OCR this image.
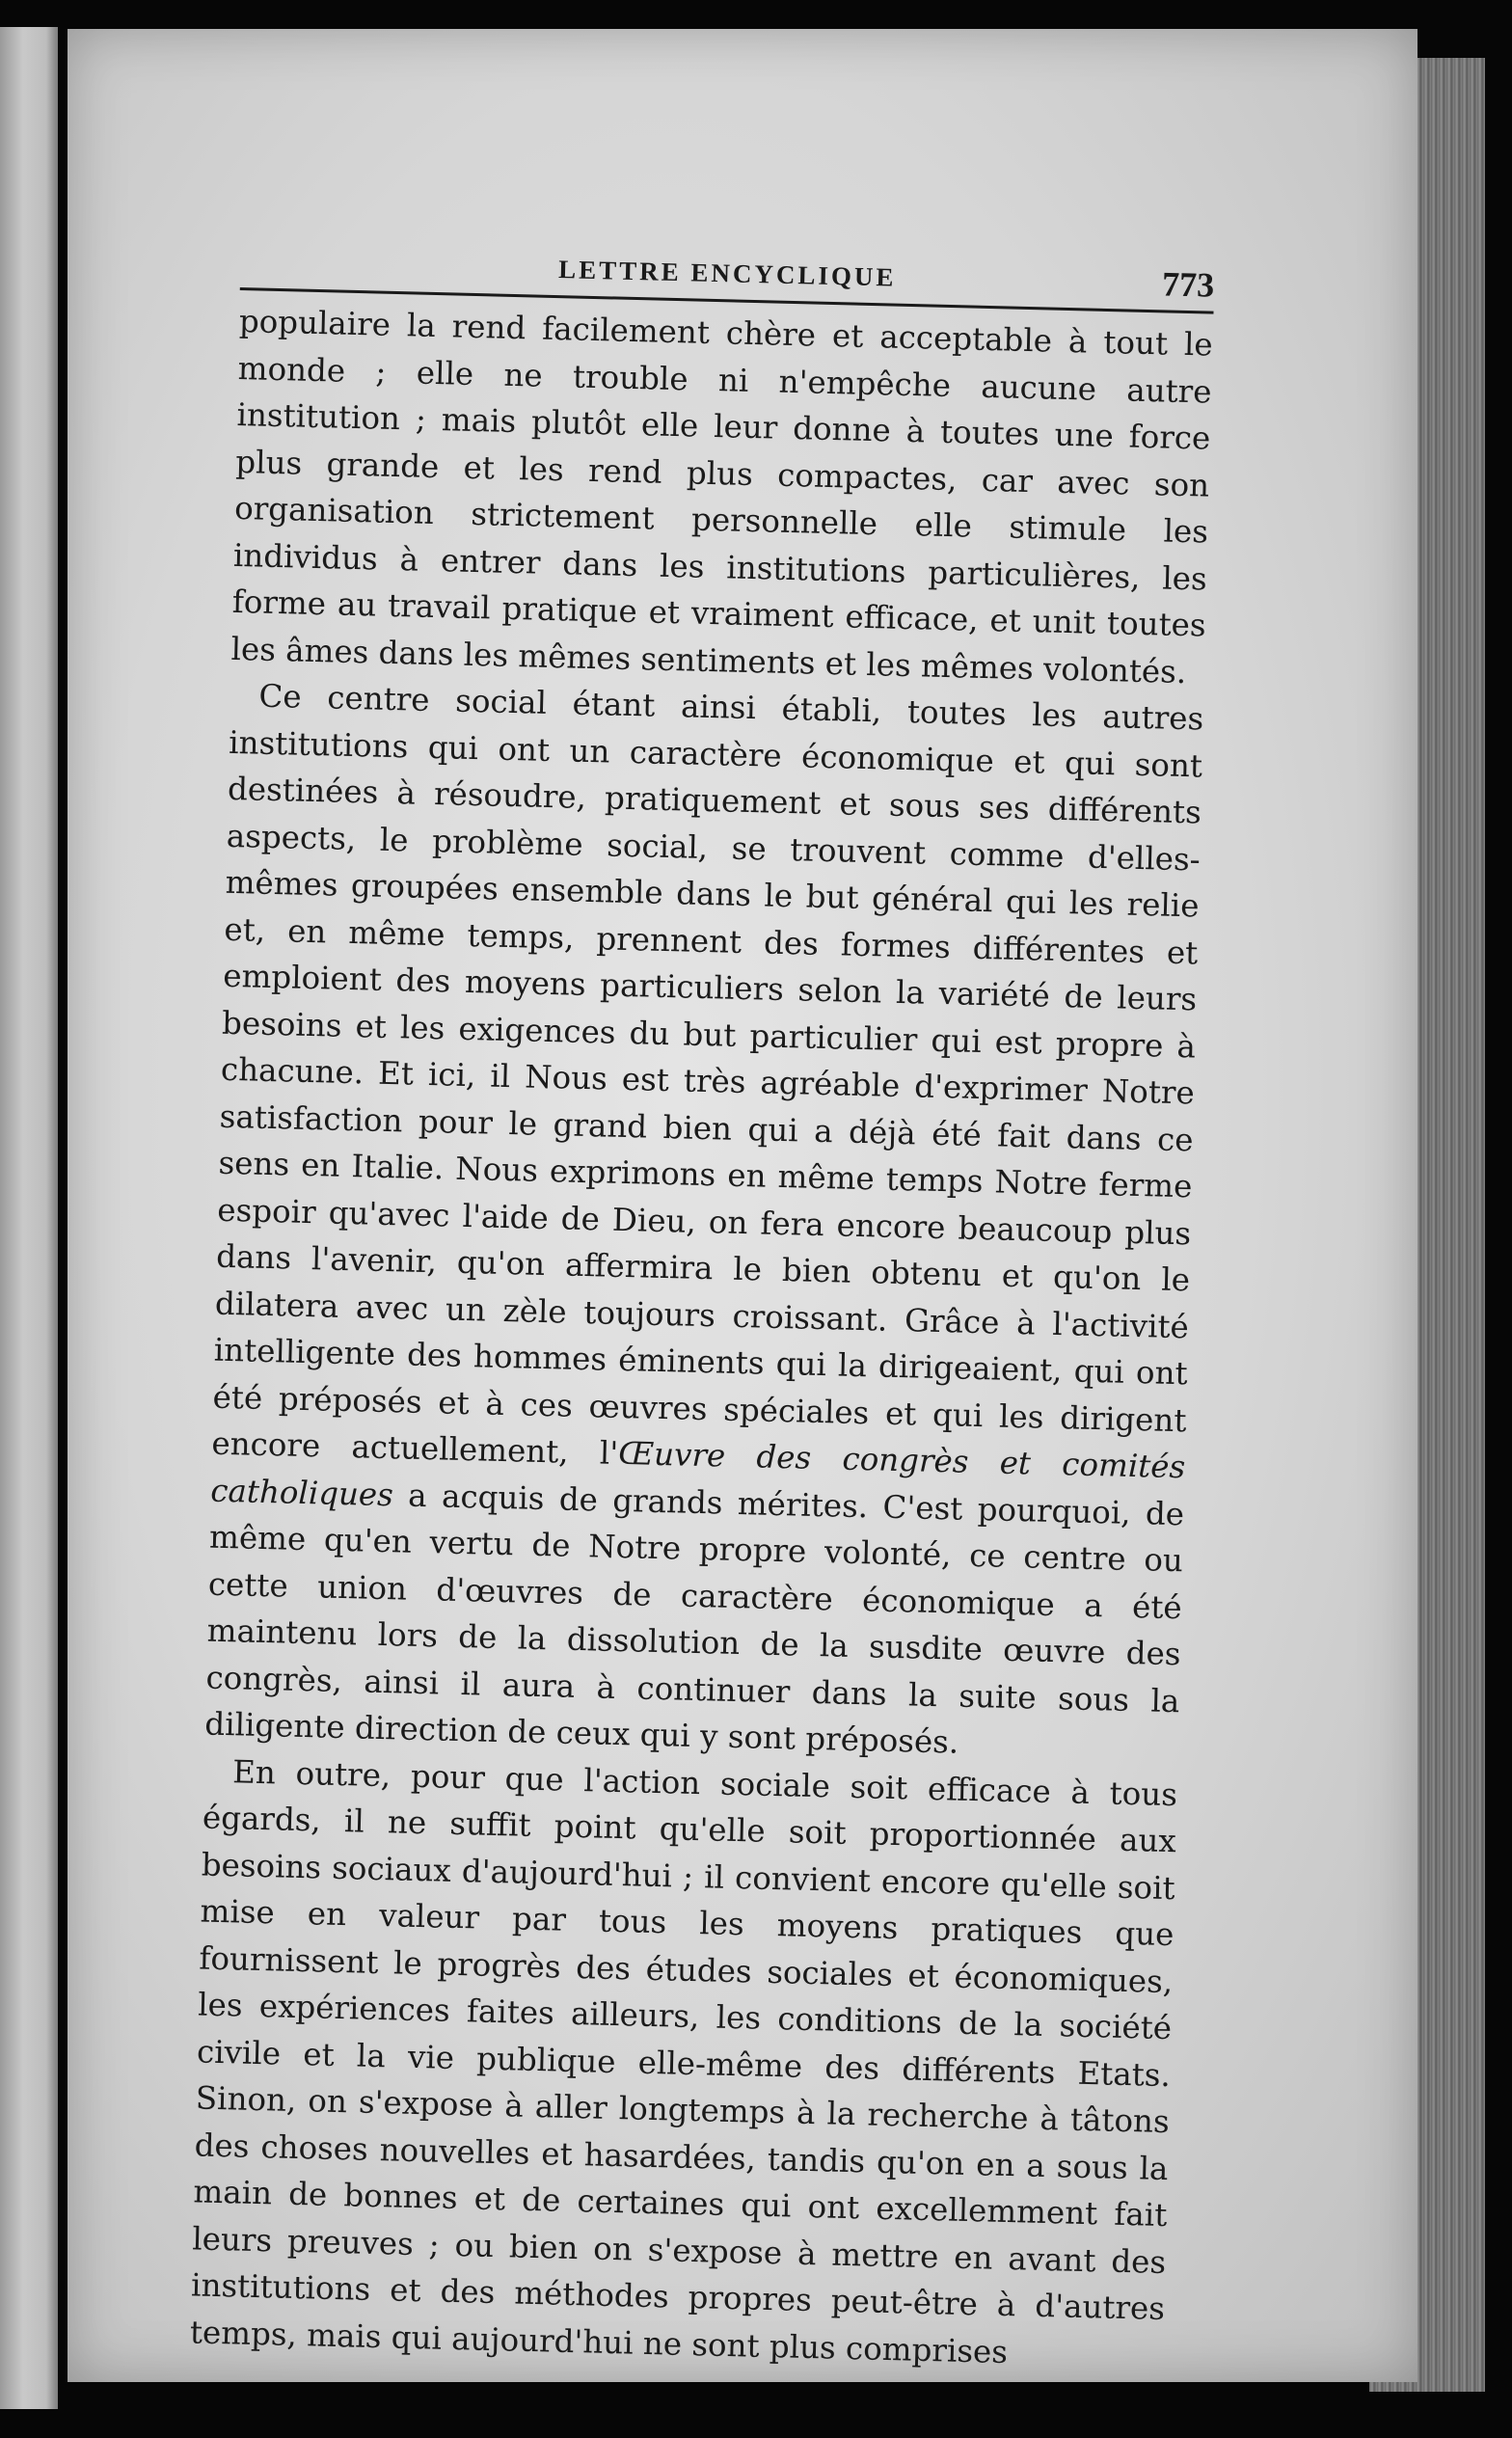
LETTRE ENCYCLIQUE	773

populaire la rend facilement chère et acceptable à tout le monde ; elle ne trouble ni n'empêche aucune autre institution ; mais plutôt elle leur donne à toutes une force plus grande et les rend plus compactes, car avec son organisation strictement personnelle elle stimule les individus à entrer dans les institutions particulières, les forme au travail pratique et vraiment efficace, et unit toutes les âmes dans les mêmes sentiments et les mêmes volontés.

Ce centre social étant ainsi établi, toutes les autres institutions qui ont un caractère économique et qui sont destinées à résoudre, pratiquement et sous ses différents aspects, le problème social, se trouvent comme d'elles-mêmes groupées ensemble dans le but général qui les relie et, en même temps, prennent des formes différentes et emploient des moyens particuliers selon la variété de leurs besoins et les exigences du but particulier qui est propre à chacune. Et ici, il Nous est très agréable d'exprimer Notre satisfaction pour le grand bien qui a déjà été fait dans ce sens en Italie. Nous exprimons en même temps Notre ferme espoir qu'avec l'aide de Dieu, on fera encore beaucoup plus dans l'avenir, qu'on affermira le bien obtenu et qu'on le dilatera avec un zèle toujours croissant. Grâce à l'activité intelligente des hommes éminents qui la dirigeaient, qui ont été préposés et à ces œuvres spéciales et qui les dirigent encore actuellement, l'Œuvre des congrès et comités catholiques a acquis de grands mérites. C'est pourquoi, de même qu'en vertu de Notre propre volonté, ce centre ou cette union d'œuvres de caractère économique a été maintenu lors de la dissolution de la susdite œuvre des congrès, ainsi il aura à continuer dans la suite sous la diligente direction de ceux qui y sont préposés.

En outre, pour que l'action sociale soit efficace à tous égards, il ne suffit point qu'elle soit proportionnée aux besoins sociaux d'aujourd'hui ; il convient encore qu'elle soit mise en valeur par tous les moyens pratiques que fournissent le progrès des études sociales et économiques, les expériences faites ailleurs, les conditions de la société civile et la vie publique elle-même des différents Etats. Sinon, on s'expose à aller longtemps à la recherche à tâtons des choses nouvelles et hasardées, tandis qu'on en a sous la main de bonnes et de certaines qui ont excellemment fait leurs preuves ; ou bien on s'expose à mettre en avant des institutions et des méthodes propres peut-être à d'autres temps, mais qui aujourd'hui ne sont plus comprises
